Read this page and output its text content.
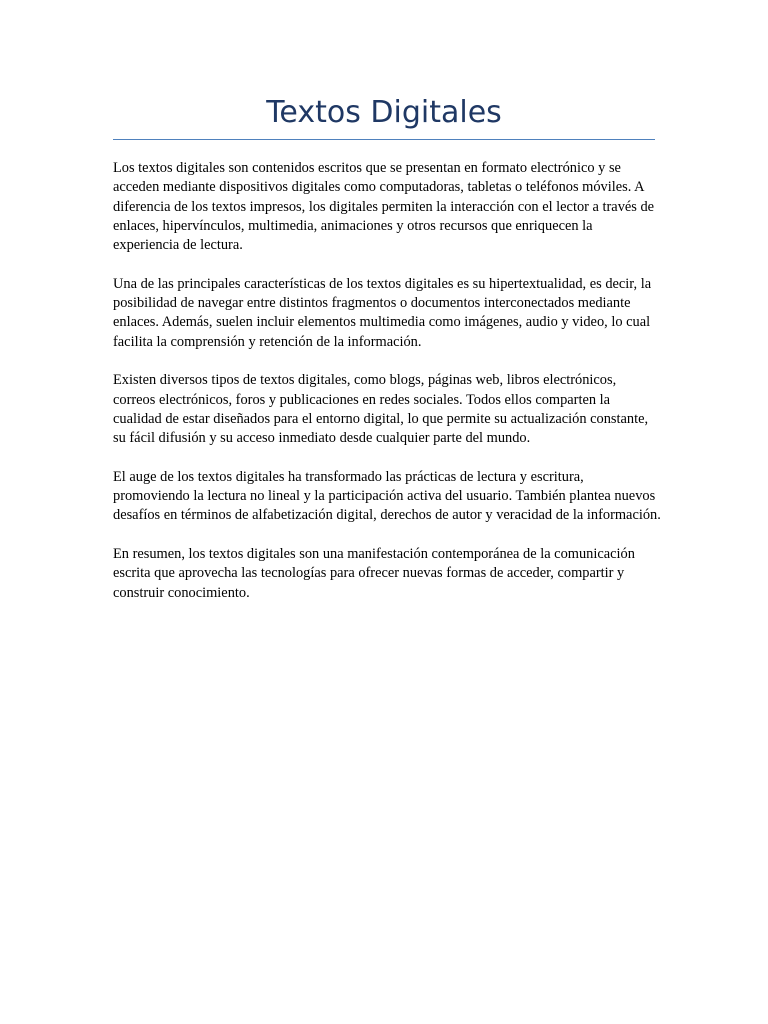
Textos Digitales

Los textos digitales son contenidos escritos que se presentan en formato electrónico y se acceden mediante dispositivos digitales como computadoras, tabletas o teléfonos móviles. A diferencia de los textos impresos, los digitales permiten la interacción con el lector a través de enlaces, hipervínculos, multimedia, animaciones y otros recursos que enriquecen la experiencia de lectura.

Una de las principales características de los textos digitales es su hipertextualidad, es decir, la posibilidad de navegar entre distintos fragmentos o documentos interconectados mediante enlaces. Además, suelen incluir elementos multimedia como imágenes, audio y video, lo cual facilita la comprensión y retención de la información.

Existen diversos tipos de textos digitales, como blogs, páginas web, libros electrónicos, correos electrónicos, foros y publicaciones en redes sociales. Todos ellos comparten la cualidad de estar diseñados para el entorno digital, lo que permite su actualización constante, su fácil difusión y su acceso inmediato desde cualquier parte del mundo.

El auge de los textos digitales ha transformado las prácticas de lectura y escritura, promoviendo la lectura no lineal y la participación activa del usuario. También plantea nuevos desafíos en términos de alfabetización digital, derechos de autor y veracidad de la información.

En resumen, los textos digitales son una manifestación contemporánea de la comunicación escrita que aprovecha las tecnologías para ofrecer nuevas formas de acceder, compartir y construir conocimiento.
